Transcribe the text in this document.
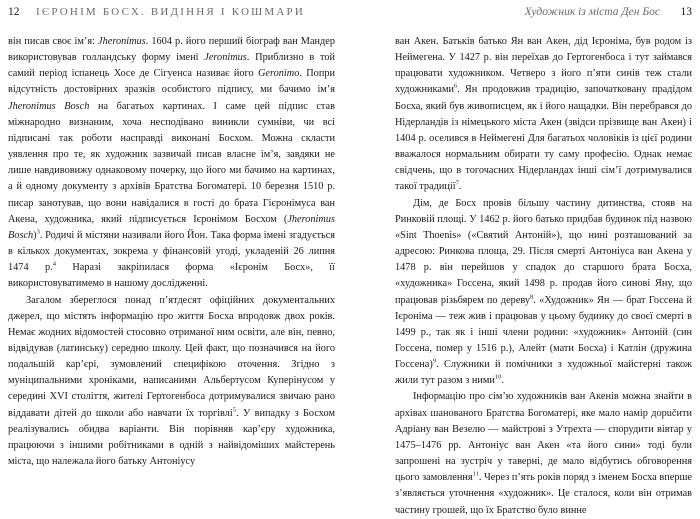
12 ІЄРОНІМ БОСХ. ВИДІННЯ І КОШМАРИ

він писав своє ім’я: Jheronimus. 1604 р. його перший біограф ван Мандер використовував голландську форму імені Jeronimus. Приблизно в той самий період іспанець Хосе де Сігуенса називає його Geronimo. Попри відсутність достовірних зразків особистого підпису, ми бачимо ім’я Jheronimus Bosch на багатьох картинах. І саме цей підпис став міжнародно визнаним, хоча несподівано виникли сумніви, чи всі підписані так роботи насправді виконані Босхом. Можна скласти уявлення про те, як художник зазвичай писав власне ім’я, завдяки не лише навдивовижу однаковому почерку, що його ми бачимо на картинах, а й одному документу з архівів Братства Богоматері. 10 березня 1510 р. писар занотував, що вони навідалися в гості до брата Гієронімуса ван Акена, художника, який підписується Ієронімом Босхом (Jheronimus Bosch)$^3$. Родичі й містяни називали його Йон. Така форма імені згадується в кількох документах, зокрема у фінансовій угоді, укладеній 26 липня 1474 р.$^4$ Наразі закріпилася форма «Ієронім Босх», її використовуватимемо в нашому дослідженні.

Загалом збереглося понад п’ятдесят офіційних документальних джерел, що містять інформацію про життя Босха впродовж двох років. Немає жодних відомостей стосовно отриманої ним освіти, але він, певно, відвідував (латинську) середню школу. Цей факт, що позначився на його подальшій кар’єрі, зумовлений специфікою оточення. Згідно з муніципальними хроніками, написаними Альбертусом Куперінусом у середині XVI століття, жителі Гертогенбоса дотримувалися звичаю рано віддавати дітей до школи або навчати їх торгівлі$^5$. У випадку з Босхом реалізувались обидва варіанти. Він порівняв кар’єру художника, працюючи з іншими робітниками в одній з найвідоміших майстерень міста, що належала його батьку Антоніусу

Художник із міста Ден Бос 13

ван Акен. Батьків батько Ян ван Акен, дід Ієроніма, був родом із Неймегена. У 1427 р. він переїхав до Гертогенбоса і тут займався працювати художником. Четверо з його п’яти синів теж стали художниками$^6$. Ян продовжив традицію, започатковану прадідом Босха, який був живописцем, як і його нащадки. Він перебрався до Нідерландів із німецького міста Акен (звідси прізвище ван Акен) і 1404 р. оселився в Неймегені Для багатьох чоловіків із цієї родини вважалося нормальним обирати ту саму професію. Однак немає свідчень, що в тогочасних Нідерландах інші сім’ї дотримувалися такої традиції$^7$.

Дім, де Босх провів більшу частину дитинства, стояв на Ринковій площі. У 1462 р. його батько придбав будинок під назвою «Sint Thoenis» («Святий Антоній»), що нині розташований за адресою: Ринкова площа, 29. Після смерті Антоніуса ван Акена у 1478 р. він перейшов у спадок до старшого брата Босха, «художника» Госсена, який 1498 р. продав його синові Яну, що працював різьбярем по дереву$^8$. «Художник» Ян — брат Госсена й Ієроніма — теж жив і працював у цьому будинку до своєї смерті в 1499 р., так як і інші члени родини: «художник» Антоній (син Госсена, помер у 1516 р.), Алейт (мати Босха) і Катлін (дружина Госсена)$^9$. Служники й помічники з художньої майстерні також жили тут разом з ними$^{10}$.

Інформацію про сім’ю художників ван Акенів можна знайти в архівах шанованого Братства Богоматері, яке мало намір дорučити Адріану ван Везелю — майстрові з Утрехта — спорудити вівтар у 1475–1476 рр. Антоніус ван Акен «та його сини» тоді були запрошені на зустріч у таверні, де мало відбутись обговорення цього замовлення$^{11}$. Через п’ять років поряд з іменем Босха вперше з’являється уточнення «художник». Це сталося, коли він отримав частину грошей, що їх Братство було винне
